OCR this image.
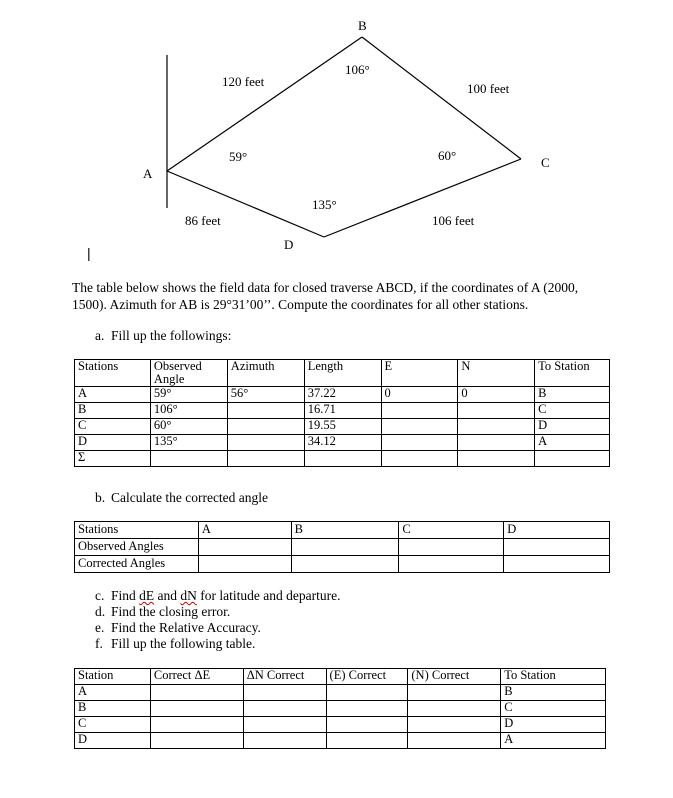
B
106°
120 feet	100 feet
59°	60°	C
A
135°
86 feet	106 feet
D
|
The table below shows the field data for closed traverse ABCD, if the coordinates of A (2000, 1500). Azimuth for AB is 29°31’00’’. Compute the coordinates for all other stations.
a. Fill up the followings:
Stations	Observed Angle	Azimuth	Length	E	N	To Station
A	59°	56°	37.22	0	0	B
B	106°		16.71			C
C	60°		19.55			D
D	135°		34.12			A
Σ						
b. Calculate the corrected angle
Stations	A	B	C	D
Observed Angles				
Corrected Angles				
c. Find dE and dN for latitude and departure.
d. Find the closing error.
e. Find the Relative Accuracy.
f. Fill up the following table.
Station	Correct ΔE	ΔN Correct	(E) Correct	(N) Correct	To Station
A					B
B					C
C					D
D					A
